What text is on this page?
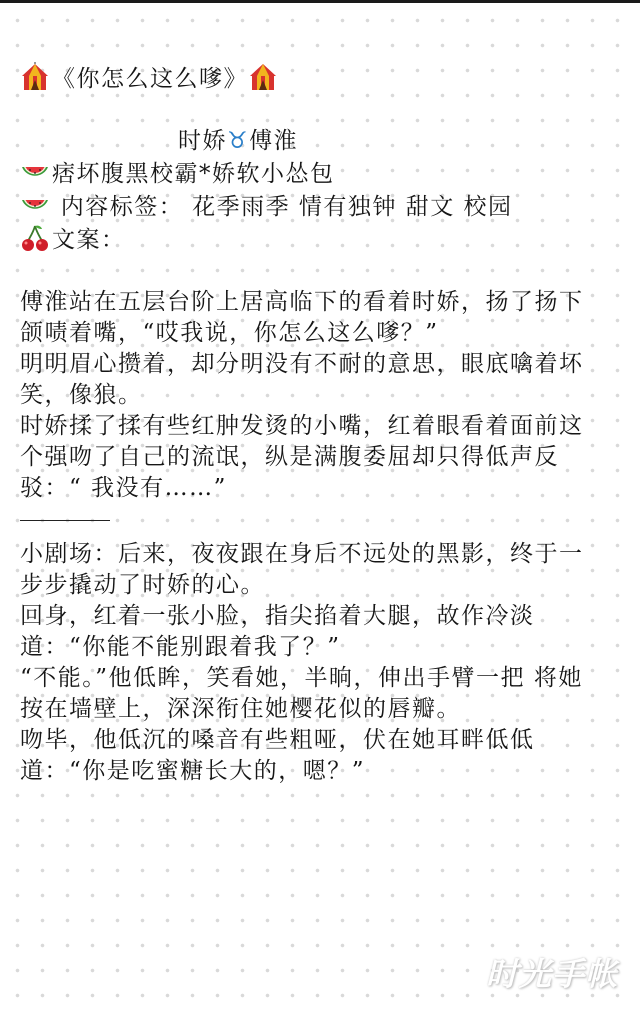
《你怎么这么嗲》
时娇♉傅淮
痞坏腹黑校霸*娇软小怂包
内容标签： 花季雨季 情有独钟 甜文 校园
文案：
傅淮站在五层台阶上居高临下的看着时娇，扬了扬下颌啧着嘴，“哎我说，你怎么这么嗲？”
明明眉心攒着，却分明没有不耐的意思，眼底噙着坏笑，像狼。
时娇揉了揉有些红肿发烫的小嘴，红着眼看着面前这个强吻了自己的流氓，纵是满腹委屈却只得低声反驳：“ 我没有……”
小剧场：后来，夜夜跟在身后不远处的黑影，终于一步步撬动了时娇的心。
回身，红着一张小脸，指尖掐着大腿，故作冷淡道：“你能不能别跟着我了？”
“不能。”他低眸，笑看她，半晌，伸出手臂一把 将她按在墙壁上，深深衔住她樱花似的唇瓣。
吻毕，他低沉的嗓音有些粗哑，伏在她耳畔低低道：“你是吃蜜糖长大的，嗯？”
时光手帐
